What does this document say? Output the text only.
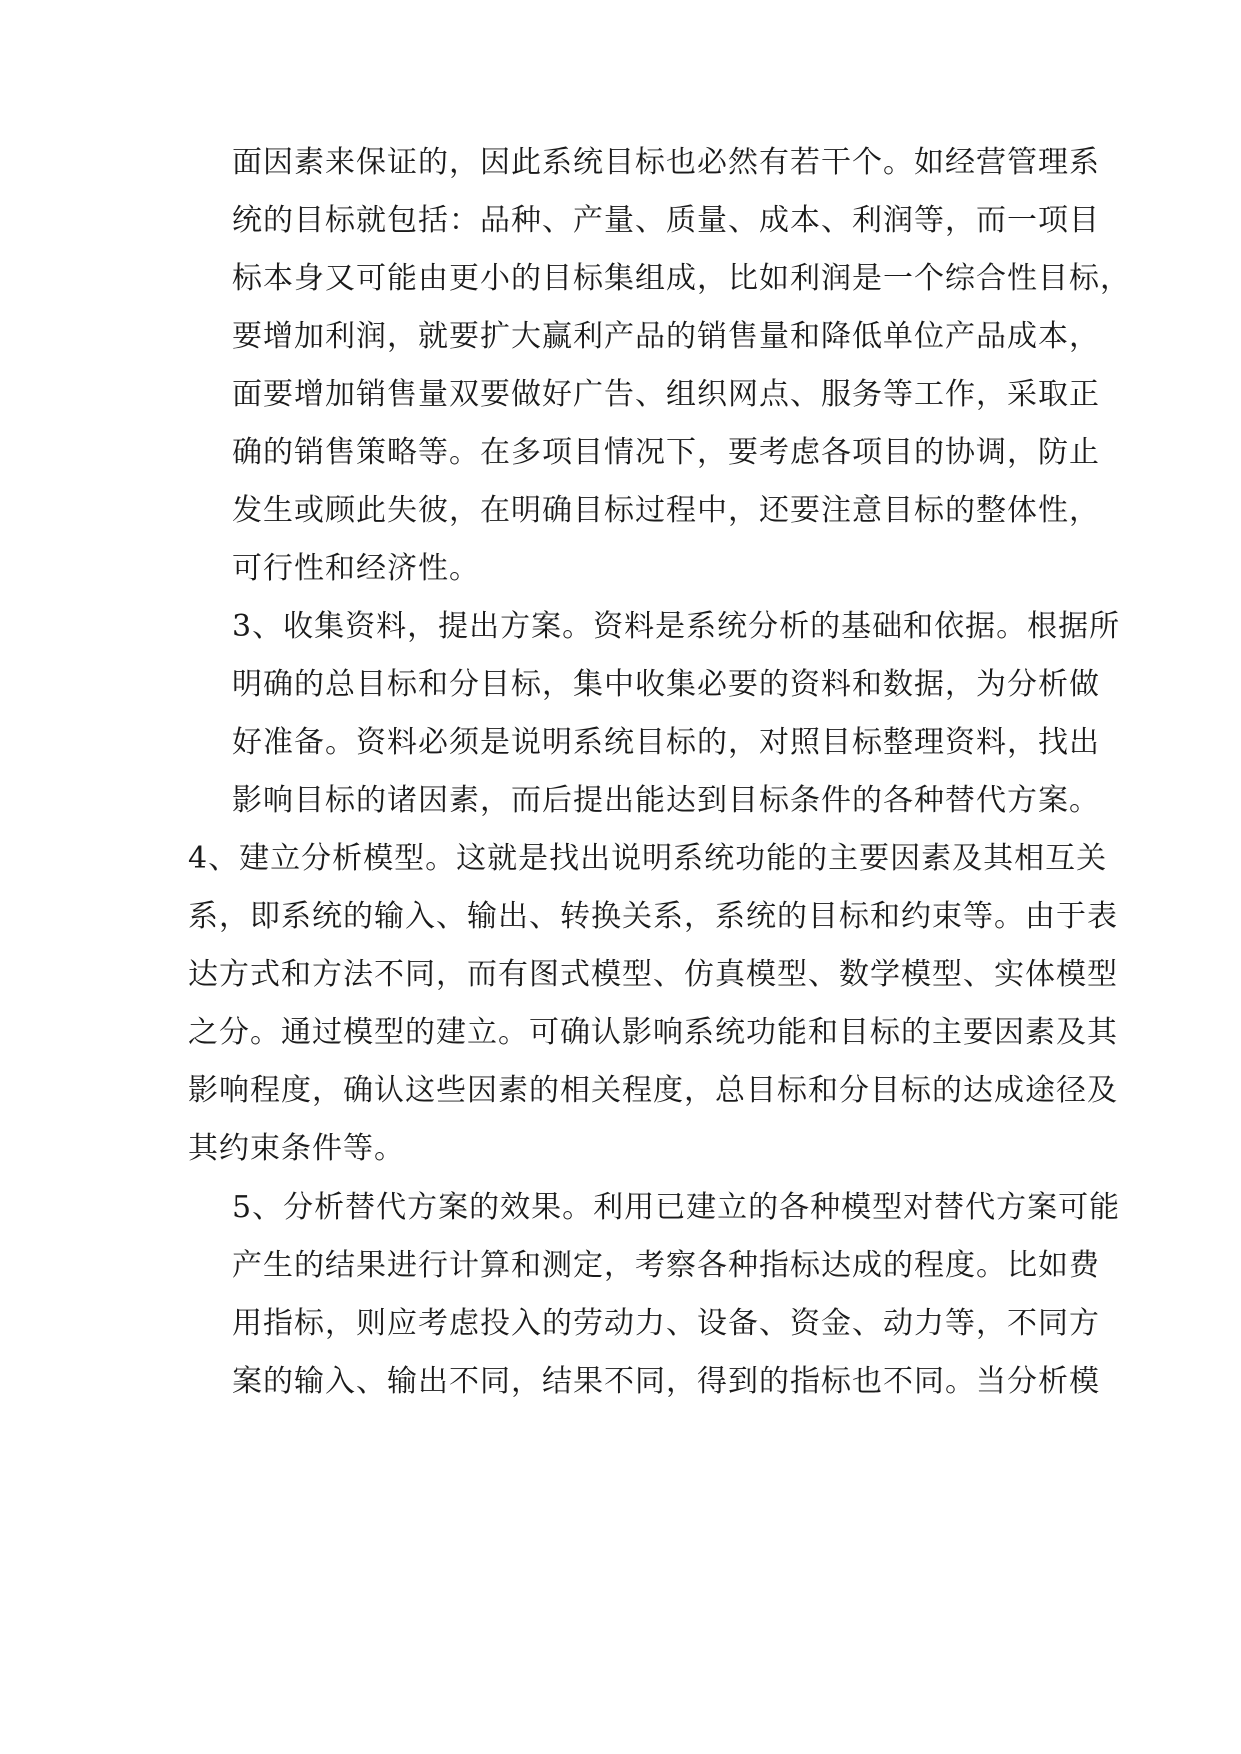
面因素来保证的，因此系统目标也必然有若干个。如经营管理系
统的目标就包括：品种、产量、质量、成本、利润等，而一项目
标本身又可能由更小的目标集组成，比如利润是一个综合性目标，
要增加利润，就要扩大赢利产品的销售量和降低单位产品成本，
面要增加销售量双要做好广告、组织网点、服务等工作，采取正
确的销售策略等。在多项目情况下，要考虑各项目的协调，防止
发生或顾此失彼，在明确目标过程中，还要注意目标的整体性，
可行性和经济性。
3、收集资料，提出方案。资料是系统分析的基础和依据。根据所
明确的总目标和分目标，集中收集必要的资料和数据，为分析做
好准备。资料必须是说明系统目标的，对照目标整理资料，找出
影响目标的诸因素，而后提出能达到目标条件的各种替代方案。
4、建立分析模型。这就是找出说明系统功能的主要因素及其相互关
系，即系统的输入、输出、转换关系，系统的目标和约束等。由于表
达方式和方法不同，而有图式模型、仿真模型、数学模型、实体模型
之分。通过模型的建立。可确认影响系统功能和目标的主要因素及其
影响程度，确认这些因素的相关程度，总目标和分目标的达成途径及
其约束条件等。
5、分析替代方案的效果。利用已建立的各种模型对替代方案可能
产生的结果进行计算和测定，考察各种指标达成的程度。比如费
用指标，则应考虑投入的劳动力、设备、资金、动力等，不同方
案的输入、输出不同，结果不同，得到的指标也不同。当分析模
